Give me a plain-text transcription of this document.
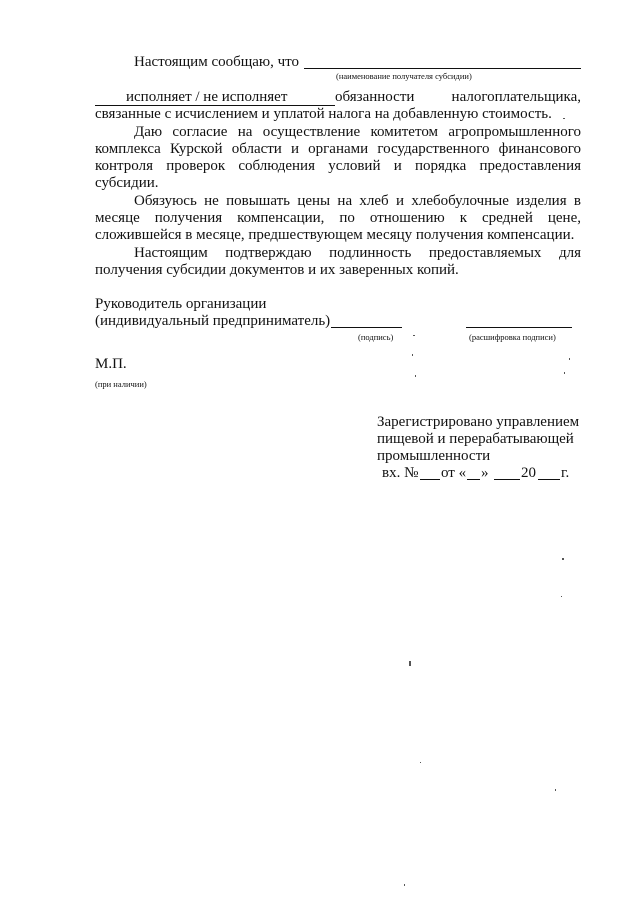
Настоящим сообщаю, что
(наименование получателя субсидии)
исполняет / не исполняет	обязанности налогоплательщика,
связанные с исчислением и уплатой налога на добавленную стоимость.
Даю согласие на осуществление комитетом агропромышленного
комплекса Курской области и органами государственного финансового
контроля проверок соблюдения условий и порядка предоставления
субсидии.
Обязуюсь не повышать цены на хлеб и хлебобулочные изделия в
месяце получения компенсации, по отношению к средней цене,
сложившейся в месяце, предшествующем месяцу получения компенсации.
Настоящим подтверждаю подлинность предоставляемых для
получения субсидии документов и их заверенных копий.
Руководитель организации
(индивидуальный предприниматель)
(подпись)	(расшифровка подписи)
М.П.
(при наличии)
Зарегистрировано управлением
пищевой и перерабатывающей
промышленности
вх. № от « » 20 г.
